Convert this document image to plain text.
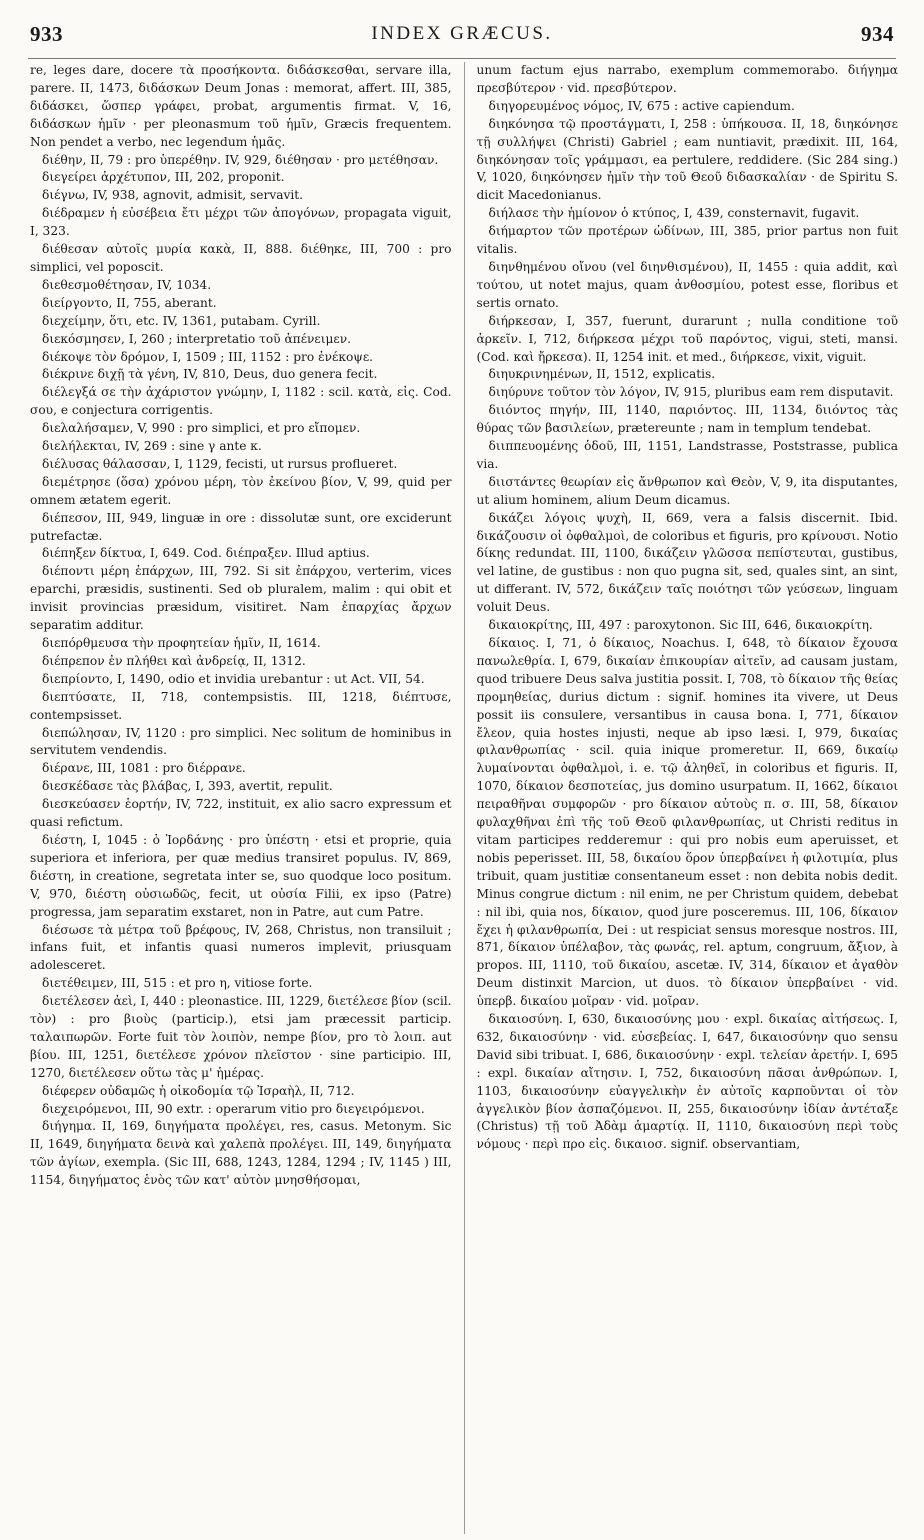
933	INDEX GRÆCUS.	934

re, leges dare, docere τὰ προσήκοντα. διδάσκεσθαι, servare illa, parere. II, 1473, διδάσκων Deum Jonas : memorat, affert. III, 385, διδάσκει, ὥσπερ γράφει, probat, argumentis firmat. V, 16, διδάσκων ἡμῖν · per pleonasmum τοῦ ἡμῖν, Græcis frequentem. Non pendet a verbo, nec legendum ἡμᾶς.

διέθην, II, 79 : pro ὑπερέθην. IV, 929, διέθησαν · pro μετέθησαν.

διεγείρει ἀρχέτυπον, III, 202, proponit.

διέγνω, IV, 938, agnovit, admisit, servavit.

διέδραμεν ἡ εὐσέβεια ἔτι μέχρι τῶν ἀπογόνων, propagata viguit, I, 323.

διέθεσαν αὐτοῖς μυρία κακὰ, II, 888. διέθηκε, III, 700 : pro simplici, vel poposcit.

διεθεσμοθέτησαν, IV, 1034.

διείργοντο, II, 755, aberant.

διεχείμην, ὅτι, etc. IV, 1361, putabam. Cyrill.

διεκόσμησεν, I, 260 ; interpretatio τοῦ ἀπένειμεν.

διέκοψε τὸν δρόμον, I, 1509 ; III, 1152 : pro ἐνέκοψε.

διέκρινε διχῇ τὰ γένη, IV, 810, Deus, duo genera fecit.

διέλεγξά σε τὴν ἀχάριστον γνώμην, I, 1182 : scil. κατὰ, εἰς. Cod. σου, e conjectura corrigentis.

διελαλήσαμεν, V, 990 : pro simplici, et pro εἴπομεν.

διελήλεκται, IV, 269 : sine γ ante κ.

διέλυσας θάλασσαν, I, 1129, fecisti, ut rursus proflueret.

διεμέτρησε (ὅσα) χρόνου μέρη, τὸν ἐκείνου βίον, V, 99, quid per omnem ætatem egerit.

διέπεσον, III, 949, linguæ in ore : dissolutæ sunt, ore exciderunt putrefactæ.

διέπηξεν δίκτυα, I, 649. Cod. διέπραξεν. Illud aptius.

διέποντι μέρη ἐπάρχων, III, 792. Si sit ἐπάρχου, verterim, vices eparchi, præsidis, sustinenti. Sed ob pluralem, malim : qui obit et invisit provincias præsidum, visitiret. Nam ἐπαρχίας ἄρχων separatim additur.

διεπόρθμευσα τὴν προφητείαν ἡμῖν, II, 1614.

διέπρεπον ἐν πλήθει καὶ ἀνδρείᾳ, II, 1312.

διεπρίοντο, I, 1490, odio et invidia urebantur : ut Act. VII, 54.

διεπτύσατε, II, 718, contempsistis. III, 1218, διέπτυσε, contempsisset.

διεπώλησαν, IV, 1120 : pro simplici. Nec solitum de hominibus in servitutem vendendis.

διέρανε, III, 1081 : pro διέρρανε.

διεσκέδασε τὰς βλάβας, I, 393, avertit, repulit.

διεσκεύασεν ἑορτήν, IV, 722, instituit, ex alio sacro expressum et quasi refictum.

διέστη, I, 1045 : ὁ Ἰορδάνης · pro ὑπέστη · etsi et proprie, quia superiora et inferiora, per quæ medius transiret populus. IV, 869, διέστη, in creatione, segretata inter se, suo quodque loco positum. V, 970, διέστη οὐσιωδῶς, fecit, ut οὐσία Filii, ex ipso (Patre) progressa, jam separatim exstaret, non in Patre, aut cum Patre.

διέσωσε τὰ μέτρα τοῦ βρέφους, IV, 268, Christus, non transiluit ; infans fuit, et infantis quasi numeros implevit, priusquam adolesceret.

διετέθειμεν, III, 515 : et pro η, vitiose forte.

διετέλεσεν ἀεὶ, I, 440 : pleonastice. III, 1229, διετέλεσε βίον (scil. τὸν) : pro βιοὺς (particip.), etsi jam præcessit particip. ταλαιπωρῶν. Forte fuit τὸν λοιπὸν, nempe βίον, pro τὸ λοιπ. aut βίου. III, 1251, διετέλεσε χρόνον πλεῖστον · sine participio. III, 1270, διετέλεσεν οὕτω τὰς μ' ἡμέρας.

διέφερεν οὐδαμῶς ἡ οἰκοδομία τῷ Ἰσραὴλ, II, 712.

διεχειρόμενοι, III, 90 extr. : operarum vitio pro διεγειρόμενοι.

διήγημα. II, 169, διηγήματα προλέγει, res, casus. Metonym. Sic II, 1649, διηγήματα δεινὰ καὶ χαλεπὰ προλέγει. III, 149, διηγήματα τῶν ἁγίων, exempla. (Sic III, 688, 1243, 1284, 1294 ; IV, 1145 ) III, 1154, διηγήματος ἑνὸς τῶν κατ' αὐτὸν μνησθήσομαι,

unum factum ejus narrabo, exemplum commemorabo. διήγημα πρεσβύτερον · vid. πρεσβύτερον.

διηγορευμένος νόμος, IV, 675 : active capiendum.

διηκόνησα τῷ προστάγματι, I, 258 : ὑπήκουσα. II, 18, διηκόνησε τῇ συλλήψει (Christi) Gabriel ; eam nuntiavit, prædixit. III, 164, διηκόνησαν τοῖς γράμμασι, ea pertulere, reddidere. (Sic 284 sing.) V, 1020, διηκόνησεν ἡμῖν τὴν τοῦ Θεοῦ διδασκαλίαν · de Spiritu S. dicit Macedonianus.

διήλασε τὴν ἡμίονον ὁ κτύπος, I, 439, consternavit, fugavit.

διήμαρτον τῶν προτέρων ὠδίνων, III, 385, prior partus non fuit vitalis.

διηνθημένου οἴνου (vel διηνθισμένου), II, 1455 : quia addit, καὶ τούτου, ut notet majus, quam ἀνθοσμίου, potest esse, floribus et sertis ornato.

διήρκεσαν, I, 357, fuerunt, durarunt ; nulla conditione τοῦ ἀρκεῖν. I, 712, διήρκεσα μέχρι τοῦ παρόντος, vigui, steti, mansi. (Cod. καὶ ἤρκεσα). II, 1254 init. et med., διήρκεσε, vixit, viguit.

διηυκρινημένων, II, 1512, explicatis.

διηύρυνε τοῦτον τὸν λόγον, IV, 915, pluribus eam rem disputavit.

διιόντος πηγήν, III, 1140, παριόντος. III, 1134, διιόντος τὰς θύρας τῶν βασιλείων, prætereunte ; nam in templum tendebat.

διιππευομένης ὁδοῦ, III, 1151, Landstrasse, Poststrasse, publica via.

διιστάντες θεωρίαν εἰς ἄνθρωπον καὶ Θεὸν, V, 9, ita disputantes, ut alium hominem, alium Deum dicamus.

δικάζει λόγοις ψυχὴ, II, 669, vera a falsis discernit. Ibid. δικάζουσιν οἱ ὀφθαλμοὶ, de coloribus et figuris, pro κρίνουσι. Notio δίκης redundat. III, 1100, δικάζειν γλῶσσα πεπίστευται, gustibus, vel latine, de gustibus : non quo pugna sit, sed, quales sint, an sint, ut differant. IV, 572, δικάζειν ταῖς ποιότησι τῶν γεύσεων, linguam voluit Deus.

δικαιοκρίτης, III, 497 : paroxytonon. Sic III, 646, δικαιοκρίτη.

δίκαιος. I, 71, ὁ δίκαιος, Noachus. I, 648, τὸ δίκαιον ἔχουσα πανωλεθρία. I, 679, δικαίαν ἐπικουρίαν αἰτεῖν, ad causam justam, quod tribuere Deus salva justitia possit. I, 708, τὸ δίκαιον τῆς θείας προμηθείας, durius dictum : signif. homines ita vivere, ut Deus possit iis consulere, versantibus in causa bona. I, 771, δίκαιον ἔλεον, quia hostes injusti, neque ab ipso læsi. I, 979, δικαίας φιλανθρωπίας · scil. quia inique promeretur. II, 669, δικαίῳ λυμαίνονται ὀφθαλμοὶ, i. e. τῷ ἀληθεῖ, in coloribus et figuris. II, 1070, δίκαιον δεσποτείας, jus domino usurpatum. II, 1662, δίκαιοι πειραθῆναι συμφορῶν · pro δίκαιον αὐτοὺς π. σ. III, 58, δίκαιον φυλαχθῆναι ἐπὶ τῆς τοῦ Θεοῦ φιλανθρωπίας, ut Christi reditus in vitam participes redderemur : qui pro nobis eum aperuisset, et nobis peperisset. III, 58, δικαίου ὅρον ὑπερβαίνει ἡ φιλοτιμία, plus tribuit, quam justitiæ consentaneum esset : non debita nobis dedit. Minus congrue dictum : nil enim, ne per Christum quidem, debebat : nil ibi, quia nos, δίκαιον, quod jure posceremus. III, 106, δίκαιον ἔχει ἡ φιλανθρωπία, Dei : ut respiciat sensus moresque nostros. III, 871, δίκαιον ὑπέλαβον, τὰς φωνάς, rel. aptum, congruum, ἄξιον, à propos. III, 1110, τοῦ δικαίου, ascetæ. IV, 314, δίκαιον et ἀγαθὸν Deum distinxit Marcion, ut duos. τὸ δίκαιον ὑπερβαίνει · vid. ὑπερβ. δικαίου μοῖραν · vid. μοῖραν.

δικαιοσύνη. I, 630, δικαιοσύνης μου · expl. δικαίας αἰτήσεως. I, 632, δικαιοσύνην · vid. εὐσεβείας. I, 647, δικαιοσύνην quo sensu David sibi tribuat. I, 686, δικαιοσύνην · expl. τελείαν ἀρετήν. I, 695 : expl. δικαίαν αἴτησιν. I, 752, δικαιοσύνη πᾶσαι ἀνθρώπων. I, 1103, δικαιοσύνην εὐαγγελικὴν ἐν αὐτοῖς καρποῦνται οἱ τὸν ἀγγελικὸν βίον ἀσπαζόμενοι. II, 255, δικαιοσύνην ἰδίαν ἀντέταξε (Christus) τῇ τοῦ Ἀδὰμ ἁμαρτίᾳ. II, 1110, δικαιοσύνη περὶ τοὺς νόμους · περὶ προ εἰς. δικαιοσ. signif. observantiam,
